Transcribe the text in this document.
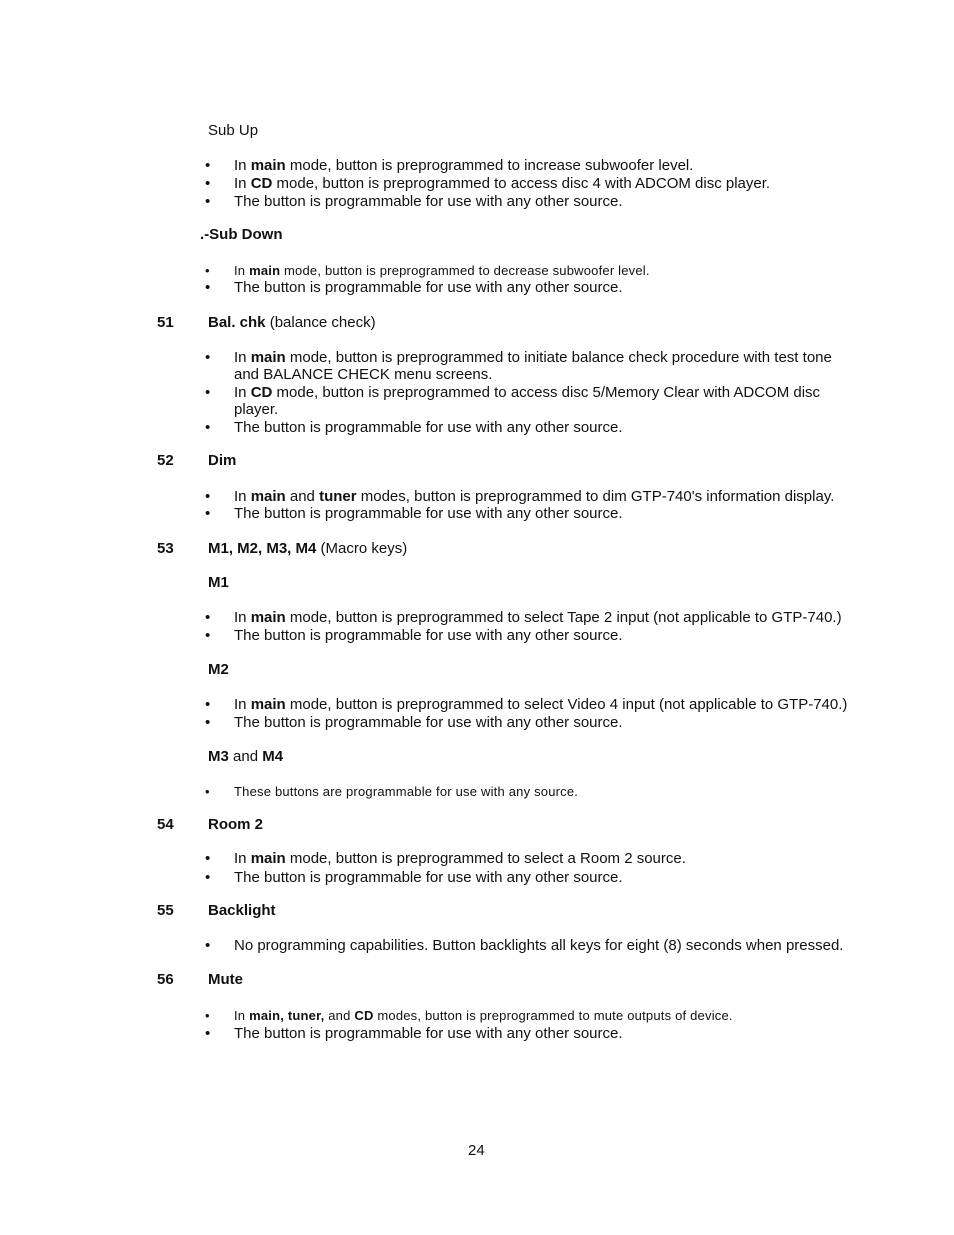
Sub Up
• In main mode, button is preprogrammed to increase subwoofer level.
• In CD mode, button is preprogrammed to access disc 4 with ADCOM disc player.
• The button is programmable for use with any other source.
.-Sub Down
• In main mode, button is preprogrammed to decrease subwoofer level.
• The button is programmable for use with any other source.
51 Bal. chk (balance check)
• In main mode, button is preprogrammed to initiate balance check procedure with test tone and BALANCE CHECK menu screens.
• In CD mode, button is preprogrammed to access disc 5/Memory Clear with ADCOM disc player.
• The button is programmable for use with any other source.
52 Dim
• In main and tuner modes, button is preprogrammed to dim GTP-740's information display.
• The button is programmable for use with any other source.
53 M1, M2, M3, M4 (Macro keys)
M1
• In main mode, button is preprogrammed to select Tape 2 input (not applicable to GTP-740.)
• The button is programmable for use with any other source.
M2
• In main mode, button is preprogrammed to select Video 4 input (not applicable to GTP-740.)
• The button is programmable for use with any other source.
M3 and M4
• These buttons are programmable for use with any source.
54 Room 2
• In main mode, button is preprogrammed to select a Room 2 source.
• The button is programmable for use with any other source.
55 Backlight
• No programming capabilities. Button backlights all keys for eight (8) seconds when pressed.
56 Mute
• In main, tuner, and CD modes, button is preprogrammed to mute outputs of device.
• The button is programmable for use with any other source.
24
